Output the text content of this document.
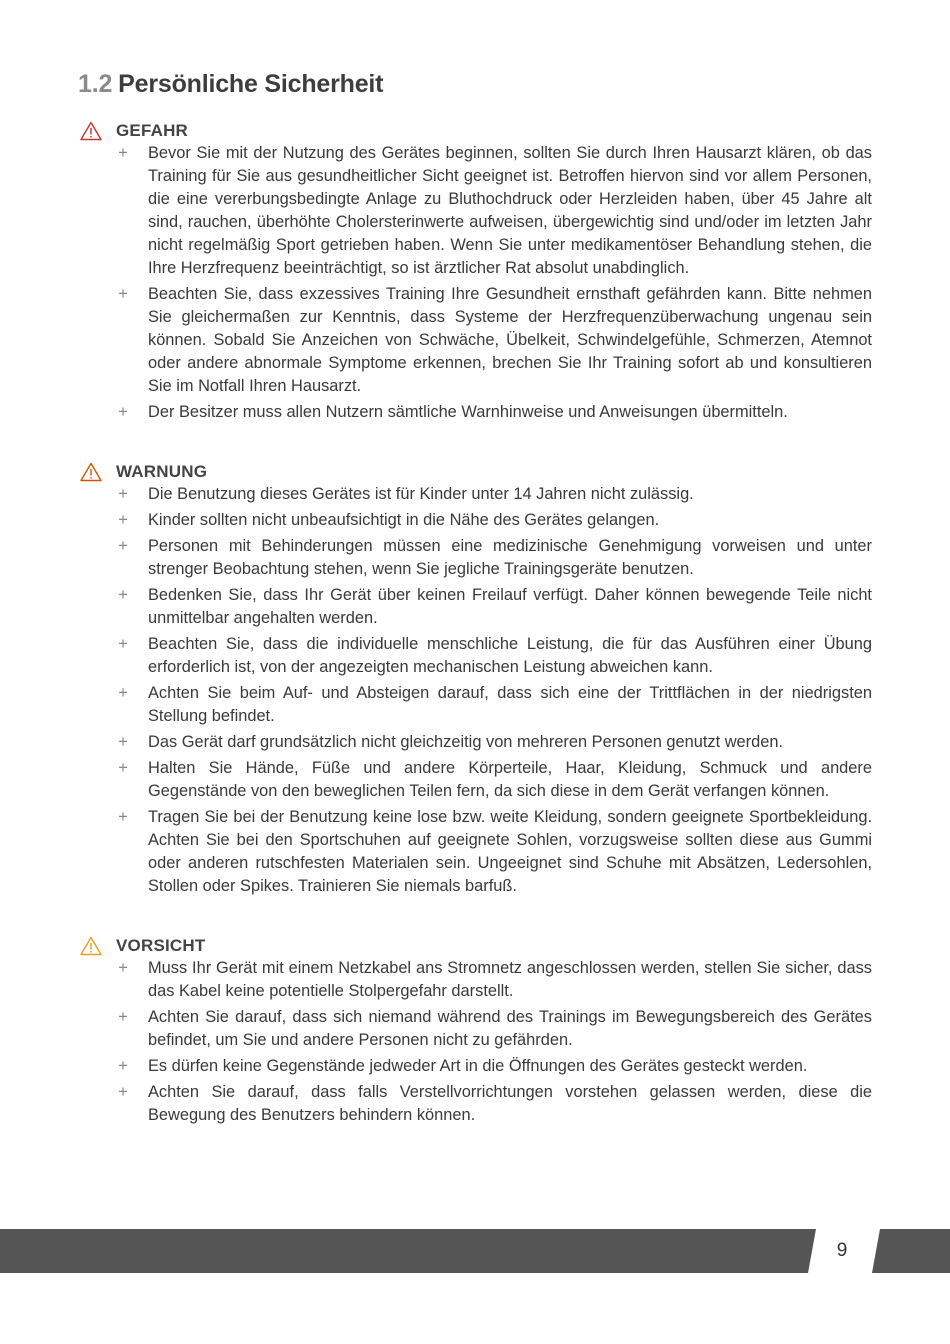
1.2 Persönliche Sicherheit
GEFAHR
+ Bevor Sie mit der Nutzung des Gerätes beginnen, sollten Sie durch Ihren Hausarzt klären, ob das Training für Sie aus gesundheitlicher Sicht geeignet ist. Betroffen hiervon sind vor allem Personen, die eine vererbungsbedingte Anlage zu Bluthochdruck oder Herzleiden haben, über 45 Jahre alt sind, rauchen, überhöhte Cholersterinwerte aufweisen, übergewichtig sind und/oder im letzten Jahr nicht regelmäßig Sport getrieben haben. Wenn Sie unter medikamentöser Behandlung stehen, die Ihre Herzfrequenz beeinträchtigt, so ist ärztlicher Rat absolut unabdinglich.
+ Beachten Sie, dass exzessives Training Ihre Gesundheit ernsthaft gefährden kann. Bitte nehmen Sie gleichermaßen zur Kenntnis, dass Systeme der Herzfrequenzüberwachung ungenau sein können. Sobald Sie Anzeichen von Schwäche, Übelkeit, Schwindelgefühle, Schmerzen, Atemnot oder andere abnormale Symptome erkennen, brechen Sie Ihr Training sofort ab und konsultieren Sie im Notfall Ihren Hausarzt.
+ Der Besitzer muss allen Nutzern sämtliche Warnhinweise und Anweisungen übermitteln.
WARNUNG
+ Die Benutzung dieses Gerätes ist für Kinder unter 14 Jahren nicht zulässig.
+ Kinder sollten nicht unbeaufsichtigt in die Nähe des Gerätes gelangen.
+ Personen mit Behinderungen müssen eine medizinische Genehmigung vorweisen und unter strenger Beobachtung stehen, wenn Sie jegliche Trainingsgeräte benutzen.
+ Bedenken Sie, dass Ihr Gerät über keinen Freilauf verfügt. Daher können bewegende Teile nicht unmittelbar angehalten werden.
+ Beachten Sie, dass die individuelle menschliche Leistung, die für das Ausführen einer Übung erforderlich ist, von der angezeigten mechanischen Leistung abweichen kann.
+ Achten Sie beim Auf- und Absteigen darauf, dass sich eine der Trittflächen in der niedrigsten Stellung befindet.
+ Das Gerät darf grundsätzlich nicht gleichzeitig von mehreren Personen genutzt werden.
+ Halten Sie Hände, Füße und andere Körperteile, Haar, Kleidung, Schmuck und andere Gegenstände von den beweglichen Teilen fern, da sich diese in dem Gerät verfangen können.
+ Tragen Sie bei der Benutzung keine lose bzw. weite Kleidung, sondern geeignete Sportbekleidung. Achten Sie bei den Sportschuhen auf geeignete Sohlen, vorzugsweise sollten diese aus Gummi oder anderen rutschfesten Materialen sein. Ungeeignet sind Schuhe mit Absätzen, Ledersohlen, Stollen oder Spikes. Trainieren Sie niemals barfuß.
VORSICHT
+ Muss Ihr Gerät mit einem Netzkabel ans Stromnetz angeschlossen werden, stellen Sie sicher, dass das Kabel keine potentielle Stolpergefahr darstellt.
+ Achten Sie darauf, dass sich niemand während des Trainings im Bewegungsbereich des Gerätes befindet, um Sie und andere Personen nicht zu gefährden.
+ Es dürfen keine Gegenstände jedweder Art in die Öffnungen des Gerätes gesteckt werden.
+ Achten Sie darauf, dass falls Verstellvorrichtungen vorstehen gelassen werden, diese die Bewegung des Benutzers behindern können.
9
